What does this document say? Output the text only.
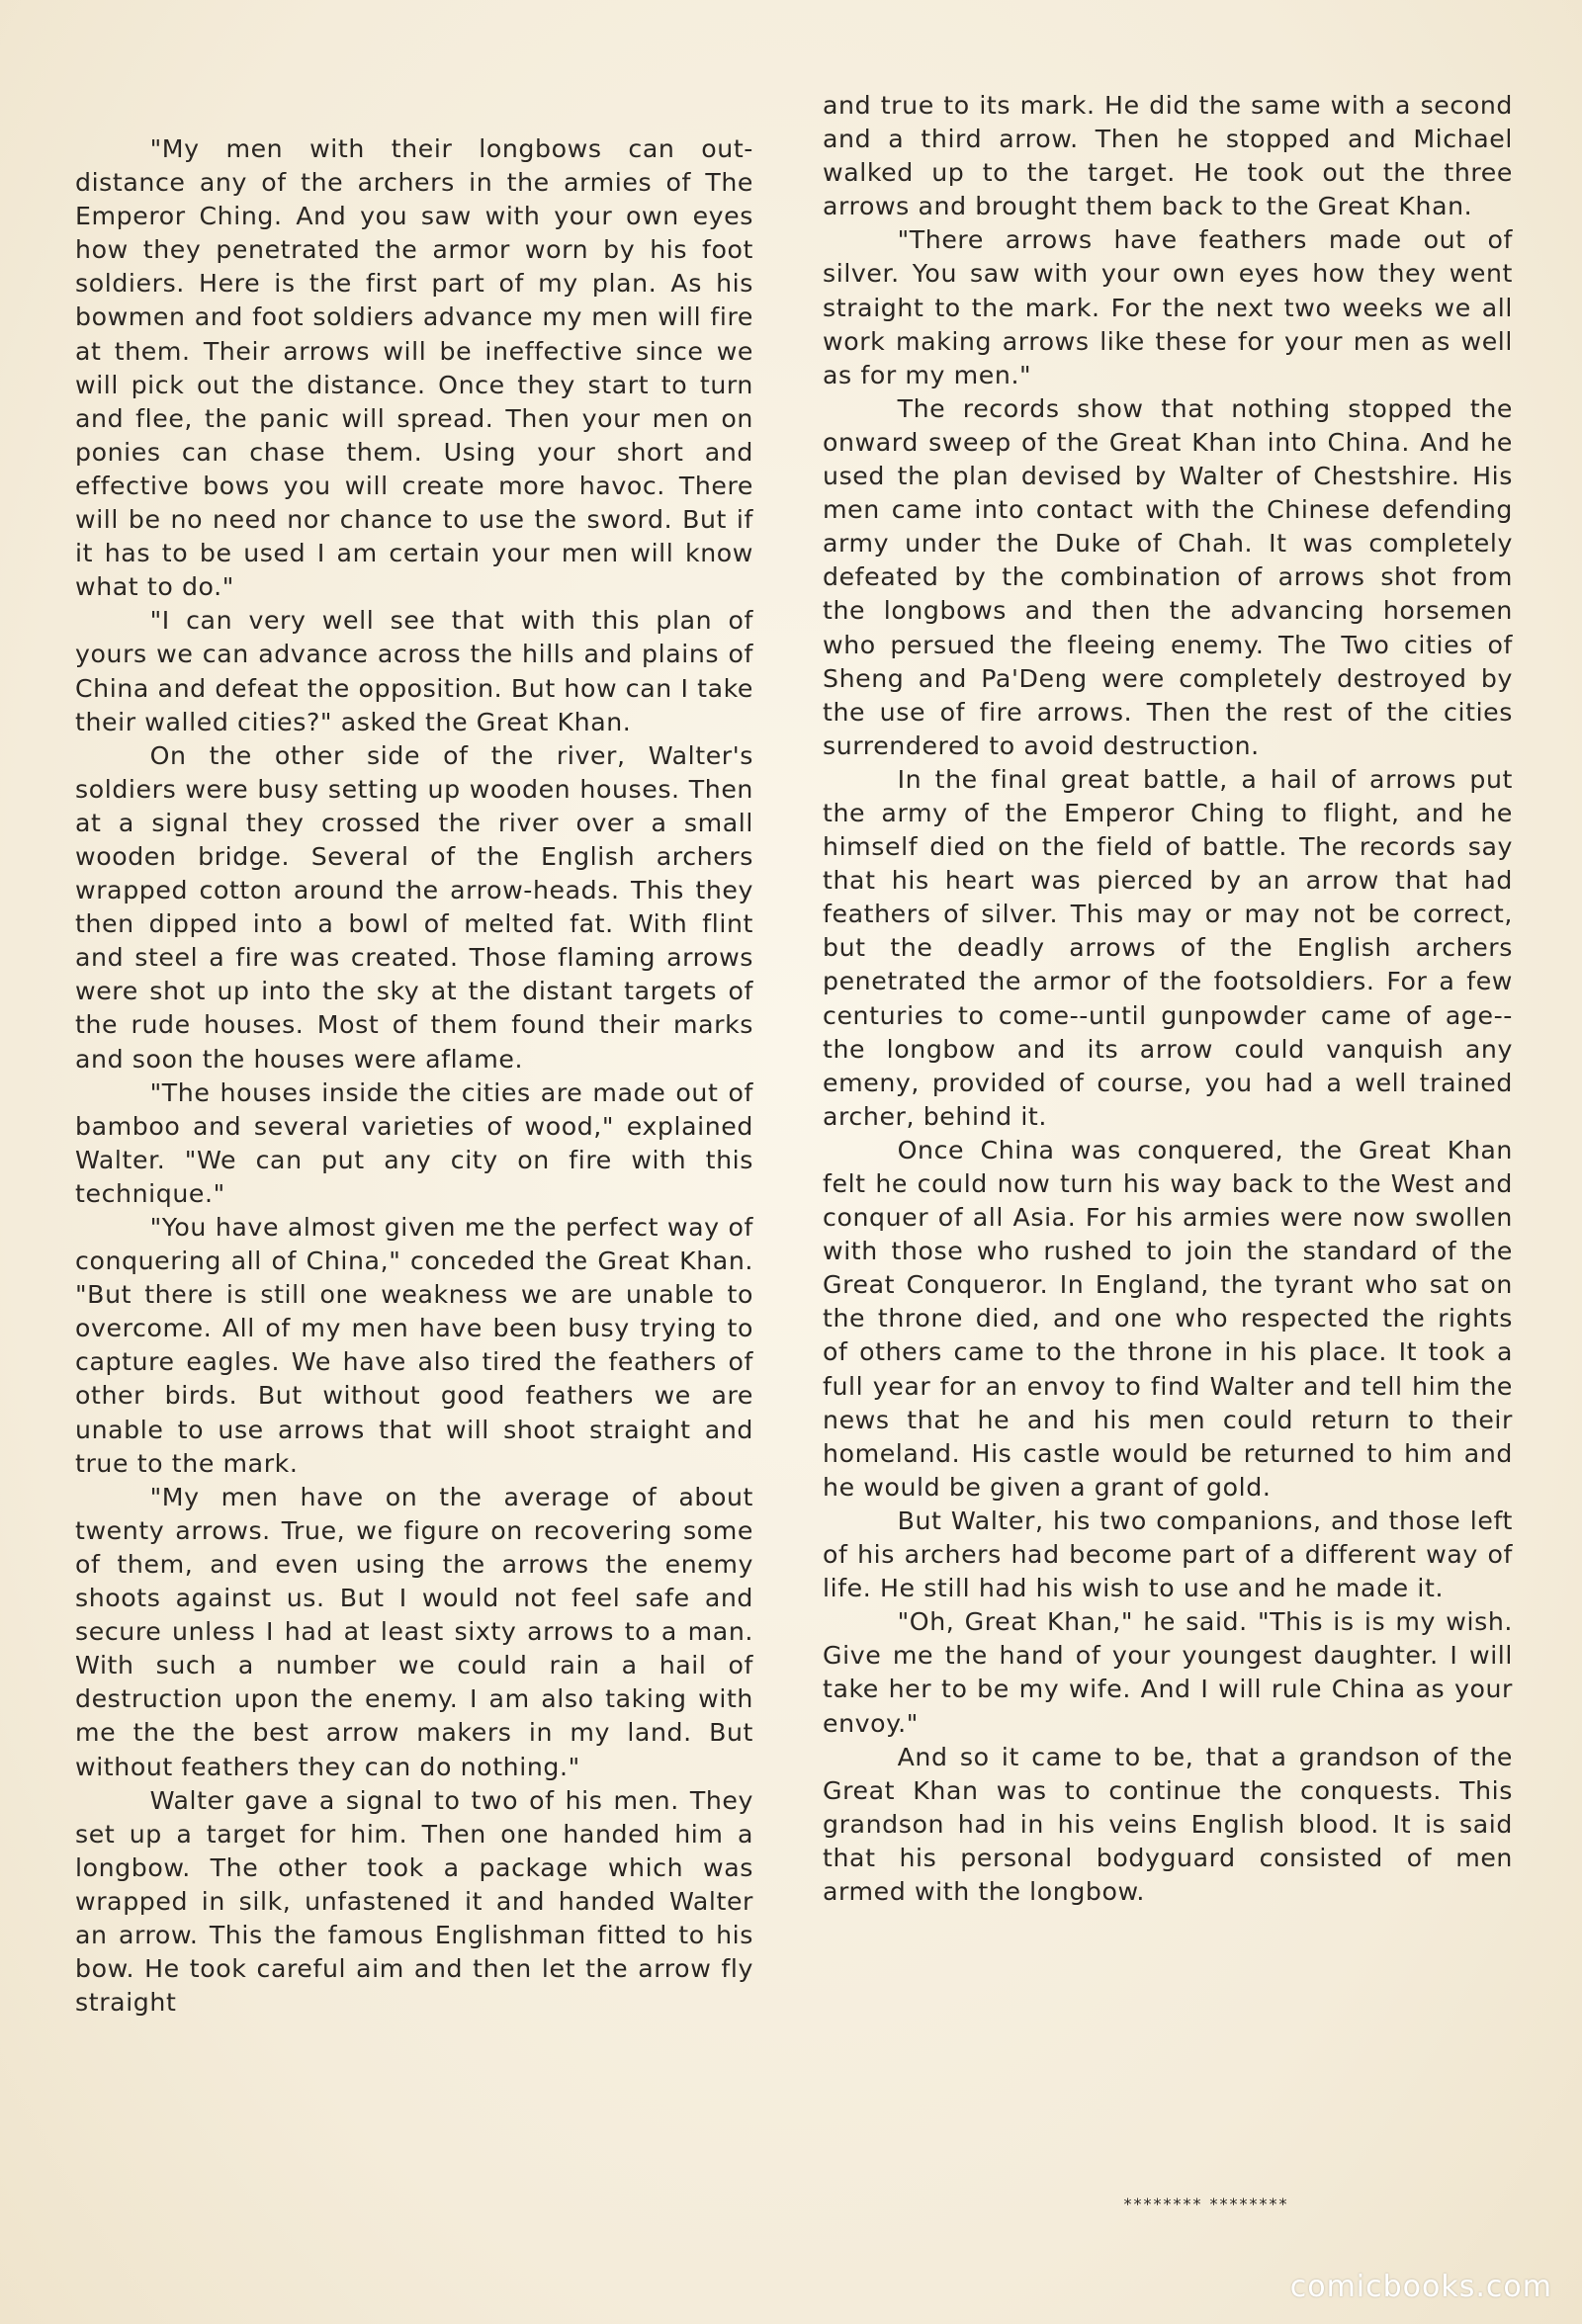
"My men with their longbows can out-distance any of the archers in the armies of The Emperor Ching. And you saw with your own eyes how they penetrated the armor worn by his foot soldiers. Here is the first part of my plan. As his bowmen and foot soldiers advance my men will fire at them. Their arrows will be ineffective since we will pick out the distance. Once they start to turn and flee, the panic will spread. Then your men on ponies can chase them. Using your short and effective bows you will create more havoc. There will be no need nor chance to use the sword. But if it has to be used I am certain your men will know what to do."

"I can very well see that with this plan of yours we can advance across the hills and plains of China and defeat the opposition. But how can I take their walled cities?" asked the Great Khan.

On the other side of the river, Walter's soldiers were busy setting up wooden houses. Then at a signal they crossed the river over a small wooden bridge. Several of the English archers wrapped cotton around the arrow-heads. This they then dipped into a bowl of melted fat. With flint and steel a fire was created. Those flaming arrows were shot up into the sky at the distant targets of the rude houses. Most of them found their marks and soon the houses were aflame.

"The houses inside the cities are made out of bamboo and several varieties of wood," explained Walter. "We can put any city on fire with this technique."

"You have almost given me the perfect way of conquering all of China," conceded the Great Khan. "But there is still one weakness we are unable to overcome. All of my men have been busy trying to capture eagles. We have also tired the feathers of other birds. But without good feathers we are unable to use arrows that will shoot straight and true to the mark.

"My men have on the average of about twenty arrows. True, we figure on recovering some of them, and even using the arrows the enemy shoots against us. But I would not feel safe and secure unless I had at least sixty arrows to a man. With such a number we could rain a hail of destruction upon the enemy. I am also taking with me the the best arrow makers in my land. But without feathers they can do nothing."

Walter gave a signal to two of his men. They set up a target for him. Then one handed him a longbow. The other took a package which was wrapped in silk, unfastened it and handed Walter an arrow. This the famous Englishman fitted to his bow. He took careful aim and then let the arrow fly straight

and true to its mark. He did the same with a second and a third arrow. Then he stopped and Michael walked up to the target. He took out the three arrows and brought them back to the Great Khan.

"There arrows have feathers made out of silver. You saw with your own eyes how they went straight to the mark. For the next two weeks we all work making arrows like these for your men as well as for my men."

The records show that nothing stopped the onward sweep of the Great Khan into China. And he used the plan devised by Walter of Chestshire. His men came into contact with the Chinese defending army under the Duke of Chah. It was completely defeated by the combination of arrows shot from the longbows and then the advancing horsemen who persued the fleeing enemy. The Two cities of Sheng and Pa'Deng were completely destroyed by the use of fire arrows. Then the rest of the cities surrendered to avoid destruction.

In the final great battle, a hail of arrows put the army of the Emperor Ching to flight, and he himself died on the field of battle. The records say that his heart was pierced by an arrow that had feathers of silver. This may or may not be correct, but the deadly arrows of the English archers penetrated the armor of the footsoldiers. For a few centuries to come--until gunpowder came of age--the longbow and its arrow could vanquish any emeny, provided of course, you had a well trained archer, behind it.

Once China was conquered, the Great Khan felt he could now turn his way back to the West and conquer of all Asia. For his armies were now swollen with those who rushed to join the standard of the Great Conqueror. In England, the tyrant who sat on the throne died, and one who respected the rights of others came to the throne in his place. It took a full year for an envoy to find Walter and tell him the news that he and his men could return to their homeland. His castle would be returned to him and he would be given a grant of gold.

But Walter, his two companions, and those left of his archers had become part of a different way of life. He still had his wish to use and he made it.

"Oh, Great Khan," he said. "This is is my wish. Give me the hand of your youngest daughter. I will take her to be my wife. And I will rule China as your envoy."

And so it came to be, that a grandson of the Great Khan was to continue the conquests. This grandson had in his veins English blood. It is said that his personal bodyguard consisted of men armed with the longbow.

******** ********
comicbooks.com
